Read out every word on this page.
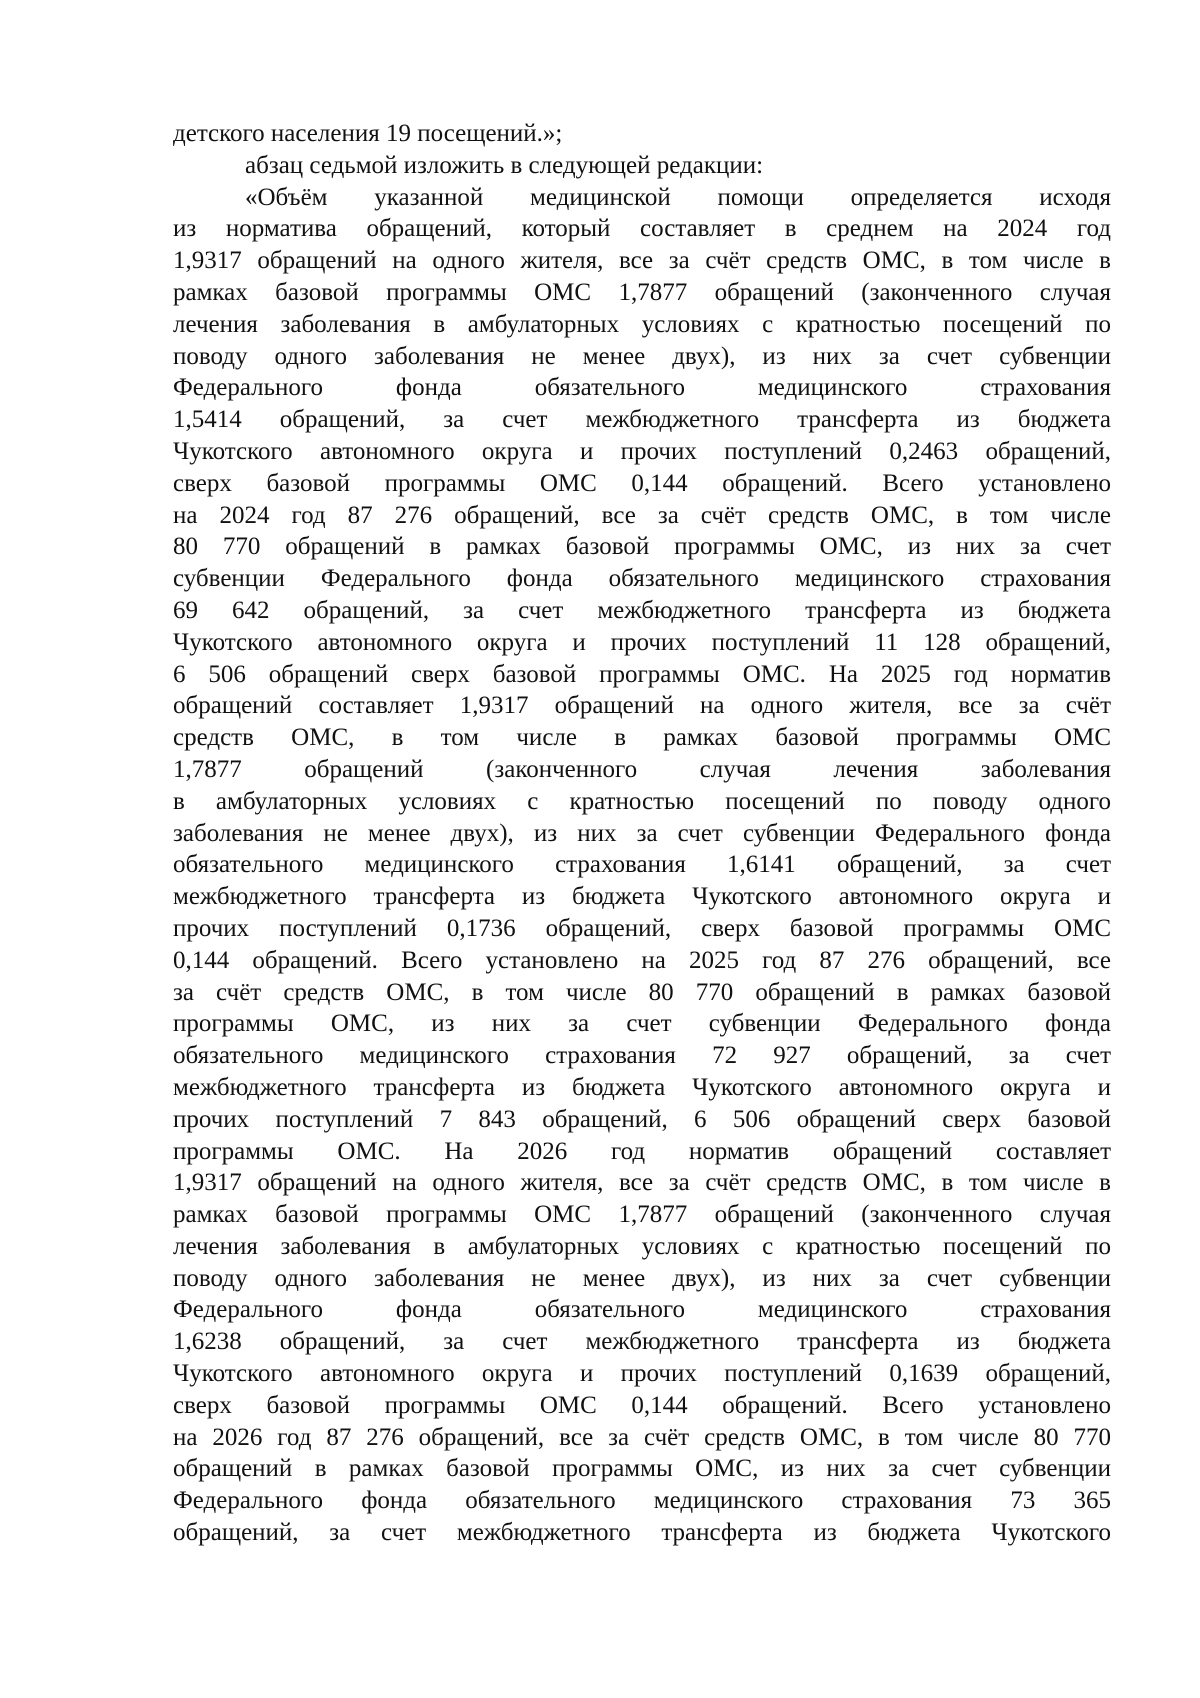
детского населения 19 посещений.»;
абзац седьмой изложить в следующей редакции:
«Объём указанной медицинской помощи определяется исходя
из норматива обращений, который составляет в среднем на 2024 год
1,9317 обращений на одного жителя, все за счёт средств ОМС, в том числе в
рамках базовой программы ОМС 1,7877 обращений (законченного случая
лечения заболевания в амбулаторных условиях с кратностью посещений по
поводу одного заболевания не менее двух), из них за счет субвенции
Федерального фонда обязательного медицинского страхования
1,5414 обращений, за счет межбюджетного трансферта из бюджета
Чукотского автономного округа и прочих поступлений 0,2463 обращений,
сверх базовой программы ОМС 0,144 обращений. Всего установлено
на 2024 год 87 276 обращений, все за счёт средств ОМС, в том числе
80 770 обращений в рамках базовой программы ОМС, из них за счет
субвенции Федерального фонда обязательного медицинского страхования
69 642 обращений, за счет межбюджетного трансферта из бюджета
Чукотского автономного округа и прочих поступлений 11 128 обращений,
6 506 обращений сверх базовой программы ОМС. На 2025 год норматив
обращений составляет 1,9317 обращений на одного жителя, все за счёт
средств ОМС, в том числе в рамках базовой программы ОМС
1,7877 обращений (законченного случая лечения заболевания
в амбулаторных условиях с кратностью посещений по поводу одного
заболевания не менее двух), из них за счет субвенции Федерального фонда
обязательного медицинского страхования 1,6141 обращений, за счет
межбюджетного трансферта из бюджета Чукотского автономного округа и
прочих поступлений 0,1736 обращений, сверх базовой программы ОМС
0,144 обращений. Всего установлено на 2025 год 87 276 обращений, все
за счёт средств ОМС, в том числе 80 770 обращений в рамках базовой
программы ОМС, из них за счет субвенции Федерального фонда
обязательного медицинского страхования 72 927 обращений, за счет
межбюджетного трансферта из бюджета Чукотского автономного округа и
прочих поступлений 7 843 обращений, 6 506 обращений сверх базовой
программы ОМС. На 2026 год норматив обращений составляет
1,9317 обращений на одного жителя, все за счёт средств ОМС, в том числе в
рамках базовой программы ОМС 1,7877 обращений (законченного случая
лечения заболевания в амбулаторных условиях с кратностью посещений по
поводу одного заболевания не менее двух), из них за счет субвенции
Федерального фонда обязательного медицинского страхования
1,6238 обращений, за счет межбюджетного трансферта из бюджета
Чукотского автономного округа и прочих поступлений 0,1639 обращений,
сверх базовой программы ОМС 0,144 обращений. Всего установлено
на 2026 год 87 276 обращений, все за счёт средств ОМС, в том числе 80 770
обращений в рамках базовой программы ОМС, из них за счет субвенции
Федерального фонда обязательного медицинского страхования 73 365
обращений, за счет межбюджетного трансферта из бюджета Чукотского
